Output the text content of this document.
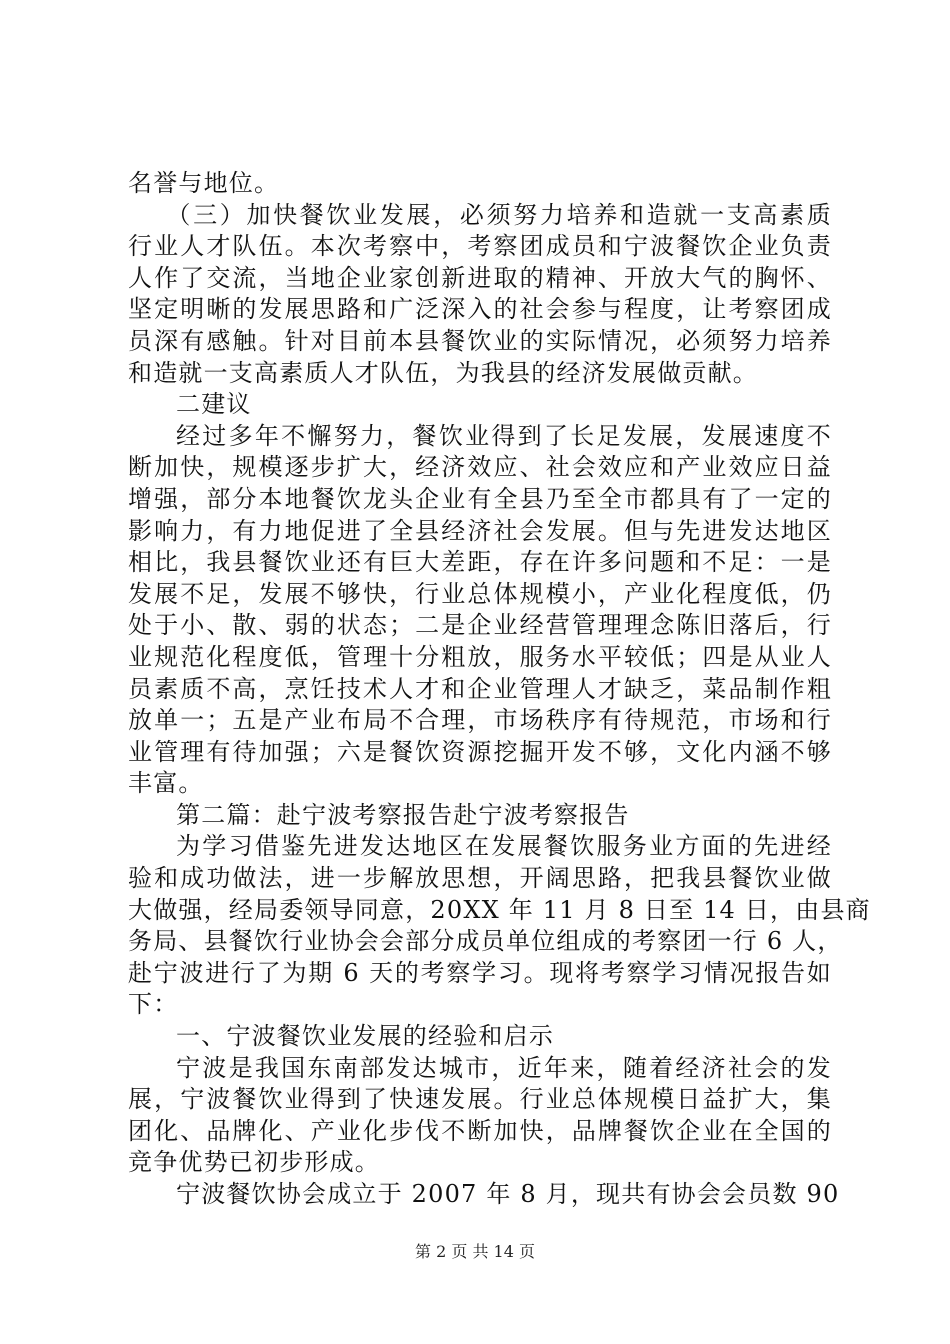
名誉与地位。
（三）加快餐饮业发展，必须努力培养和造就一支高素质
行业人才队伍。本次考察中，考察团成员和宁波餐饮企业负责
人作了交流，当地企业家创新进取的精神、开放大气的胸怀、
坚定明晰的发展思路和广泛深入的社会参与程度，让考察团成
员深有感触。针对目前本县餐饮业的实际情况，必须努力培养
和造就一支高素质人才队伍，为我县的经济发展做贡献。
二建议
经过多年不懈努力，餐饮业得到了长足发展，发展速度不
断加快，规模逐步扩大，经济效应、社会效应和产业效应日益
增强，部分本地餐饮龙头企业有全县乃至全市都具有了一定的
影响力，有力地促进了全县经济社会发展。但与先进发达地区
相比，我县餐饮业还有巨大差距，存在许多问题和不足：一是
发展不足，发展不够快，行业总体规模小，产业化程度低，仍
处于小、散、弱的状态；二是企业经营管理理念陈旧落后，行
业规范化程度低，管理十分粗放，服务水平较低；四是从业人
员素质不高，烹饪技术人才和企业管理人才缺乏，菜品制作粗
放单一；五是产业布局不合理，市场秩序有待规范，市场和行
业管理有待加强；六是餐饮资源挖掘开发不够，文化内涵不够
丰富。
第二篇：赴宁波考察报告赴宁波考察报告
为学习借鉴先进发达地区在发展餐饮服务业方面的先进经
验和成功做法，进一步解放思想，开阔思路，把我县餐饮业做
大做强，经局委领导同意，20XX 年 11 月 8 日至 14 日，由县商
务局、县餐饮行业协会会部分成员单位组成的考察团一行 6 人，
赴宁波进行了为期 6 天的考察学习。现将考察学习情况报告如
下：
一、宁波餐饮业发展的经验和启示
宁波是我国东南部发达城市，近年来，随着经济社会的发
展，宁波餐饮业得到了快速发展。行业总体规模日益扩大，集
团化、品牌化、产业化步伐不断加快，品牌餐饮企业在全国的
竞争优势已初步形成。
宁波餐饮协会成立于 2007 年 8 月，现共有协会会员数 90
第 2 页 共 14 页
